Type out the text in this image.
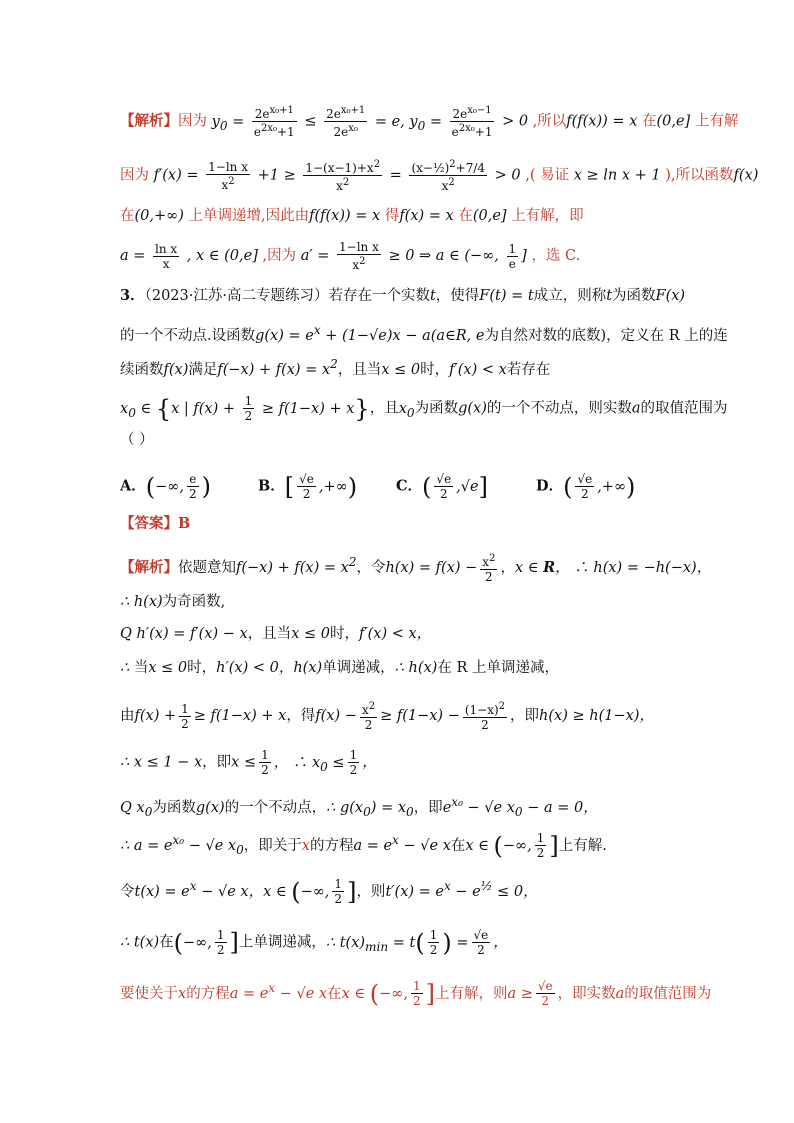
【解析】因为 $y_0 = \frac{2e^{x_0+1}}{e^{2x_0}+1} \le \frac{2e^{x_0+1}}{2e^{x_0}} = e$, $y_0 = \frac{2e^{x_0-1}}{e^{2x_0}+1} > 0$ ,所以f(f(x)) = x 在(0,e] 上有解
因为 $f'(x) = \frac{\text{1−ln x}}{x^2} +1 \ge \frac{1-(x-1)+x^2}{x^2} = \frac{(x-\frac{1}{2})^2+7/4}{x^2} > 0$ ,( 易证 x ≥ ln x + 1 ),所以函数f(x)
在(0,+∞) 上单调递增,因此由f(f(x)) = x 得f(x) = x 在(0,e] 上有解，即
$a = \frac{\text{ln x}}{x}$ , x ∈ (0,e] ,因为 $a' = \frac{\text{1−ln x}}{x^2} \ge 0$ ⇒ a ∈ (−∞, $\frac{1}{e}$ ] ，选 C.
3．（2023·江苏·高二专题练习）若存在一个实数t，使得F(t) = t成立，则称t为函数F(x)
的一个不动点.设函数$g(x) = e^x + (1-√e)x$ − a(a∈R, e为自然对数的底数)，定义在 R 上的连
续函数f(x)满足$f(-x) + f(x) = x^2$，且当x ≤ 0时，f′(x) < x若存在
$x_0$ ∈ {x | $f(x) + \frac{1}{2} \ge f(1-x) + x$}，且$x_0$为函数g(x)的一个不动点，则实数a的取值范围为
（ ）
A．(−∞, $\frac{e}{2}$ )	B．[ $\frac{√e}{2}$ ,+∞)	C．( $\frac{√e}{2} ,√e$]	D．( $\frac{√e}{2}$ ,+∞)
【答案】B
【解析】依题意知$f(-x) + f(x) = x^2$，令$h(x) = f(x) - \frac{x^2}{2}$ ，x ∈ R， ∴ h(x) = −h(−x)，
∴ h(x)为奇函数,
Q h′(x) = f′(x) − x，且当x ≤ 0时，f′(x) < x，
∴ 当x ≤ 0时，h′(x) < 0，h(x)单调递减，∴ h(x)在 R 上单调递减，
由$f(x) + \frac{1}{2} \ge f(1-x) + x$，得$f(x) - \frac{x^2}{2} \ge f(1-x) - \frac{(1-x)^2}{2}$ ，即h(x) ≥ h(1−x)，
∴ x ≤ 1 − x，即$x \le \frac{1}{2}$ ， ∴ $x_0 \le \frac{1}{2}$ ，
Q $x_0$为函数g(x)的一个不动点，∴ $g(x_0) = x_0$，即$e^{x_0} - √e$ $x_0 - a = 0$，
∴ $a = e^{x_0} - √e$ $x_0$，即关于x的方程$a = e^x - √e$ x在x ∈ (−∞, $\frac{1}{2}$ ]上有解.
令$t(x) = e^x - √e$ x，x ∈ (−∞, $\frac{1}{2}$ ]，则$t'(x) = e^x - e^{\frac{1}{2}} \le 0$，
∴ t(x)在(−∞, $\frac{1}{2}$ ]上单调递减，∴ $t(x)_{min} = t( \frac{1}{2}$ ) = $\frac{√e}{2}$ ，
要使关于x的方程$a = e^x - √e$ x在x ∈ (−∞, $\frac{1}{2}$ ]上有解，则$a \ge \frac{√e}{2}$ ，即实数a的取值范围为
